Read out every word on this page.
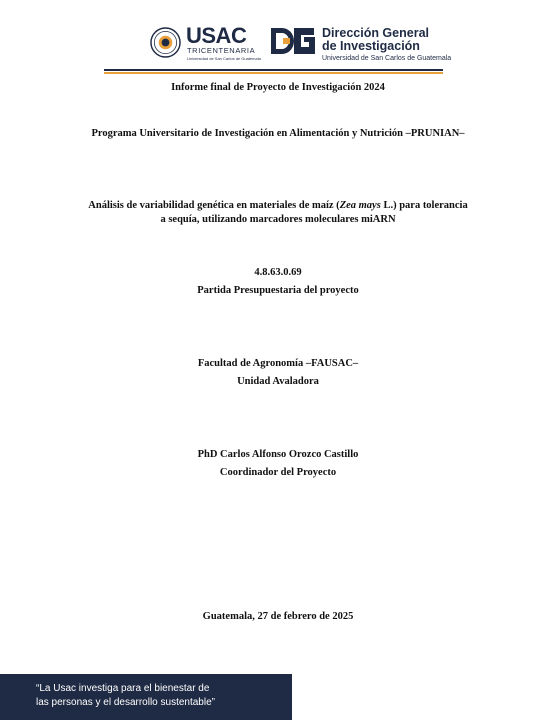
USAC
TRICENTENARIA
Universidad de San Carlos de Guatemala
Dirección General
de Investigación
Universidad de San Carlos de Guatemala
Informe final de Proyecto de Investigación 2024
Programa Universitario de Investigación en Alimentación y Nutrición –PRUNIAN–
Análisis de variabilidad genética en materiales de maíz (Zea mays L.) para tolerancia
a sequía, utilizando marcadores moleculares miARN
4.8.63.0.69
Partida Presupuestaria del proyecto
Facultad de Agronomía –FAUSAC–
Unidad Avaladora
PhD Carlos Alfonso Orozco Castillo
Coordinador del Proyecto
Guatemala, 27 de febrero de 2025
“La Usac investiga para el bienestar de
las personas y el desarrollo sustentable”
